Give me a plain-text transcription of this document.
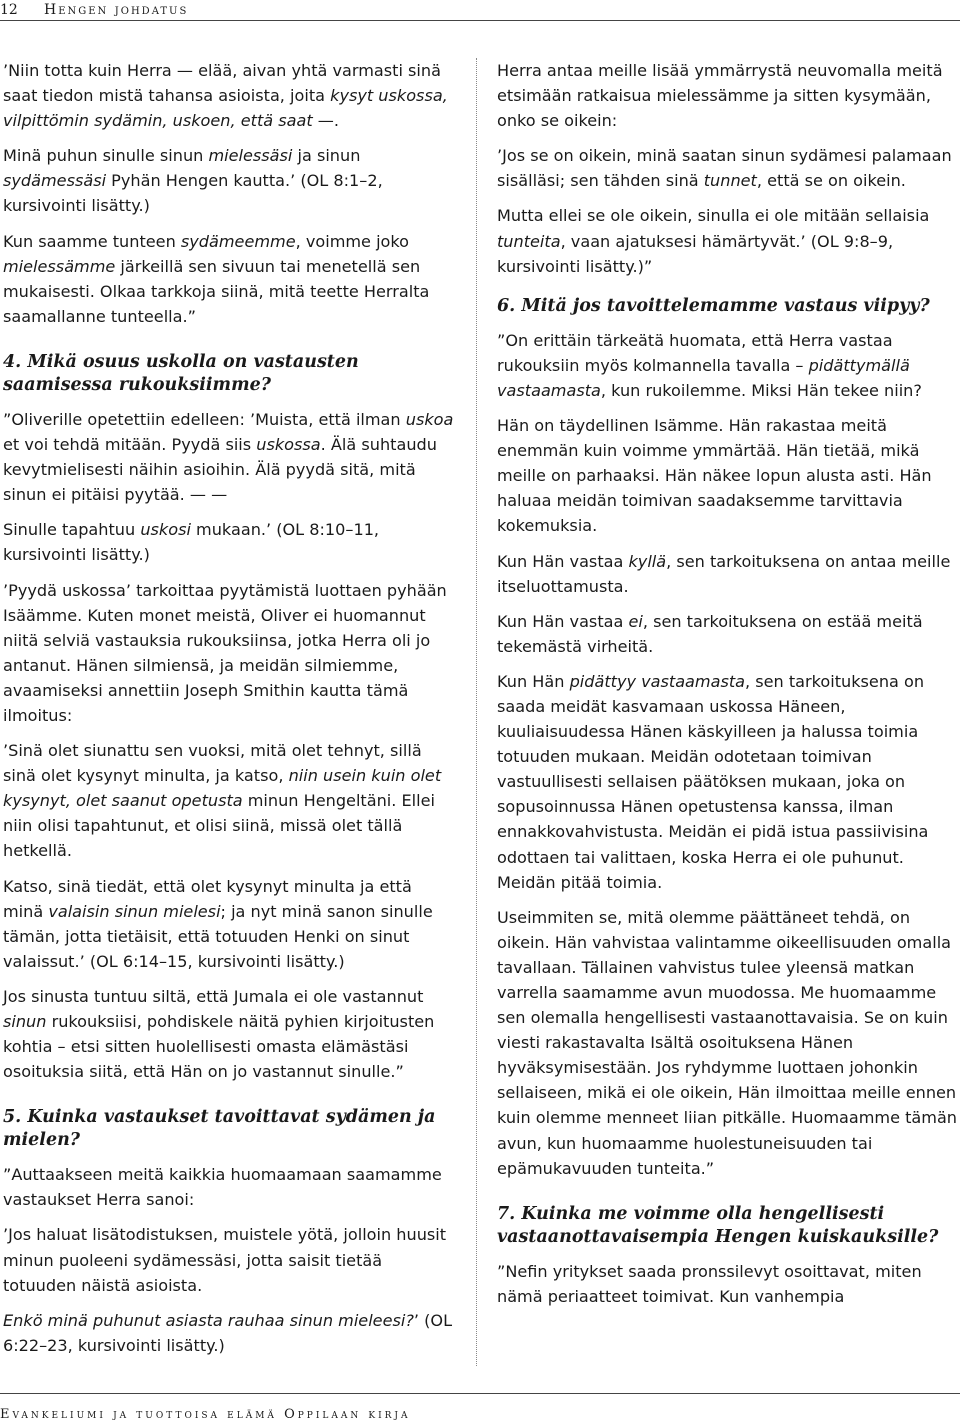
12 Hengen johdatus

’Niin totta kuin Herra — elää, aivan yhtä varmasti sinä saat tiedon mistä tahansa asioista, joita kysyt uskossa, vilpittömin sydämin, uskoen, että saat —.

Minä puhun sinulle sinun mielessäsi ja sinun sydämessäsi Pyhän Hengen kautta.’ (OL 8:1–2, kursivointi lisätty.)

Kun saamme tunteen sydämeemme, voimme joko mielessämme järkeillä sen sivuun tai menetellä sen mukaisesti. Olkaa tarkkoja siinä, mitä teette Herralta saamallanne tunteella.”

4. Mikä osuus uskolla on vastausten saamisessa rukouksiimme?

”Oliverille opetettiin edelleen: ’Muista, että ilman uskoa et voi tehdä mitään. Pyydä siis uskossa. Älä suhtaudu kevytmielisesti näihin asioihin. Älä pyydä sitä, mitä sinun ei pitäisi pyytää. — —

Sinulle tapahtuu uskosi mukaan.’ (OL 8:10–11, kursivointi lisätty.)

’Pyydä uskossa’ tarkoittaa pyytämistä luottaen pyhään Isäämme. Kuten monet meistä, Oliver ei huomannut niitä selviä vastauksia rukouksiinsa, jotka Herra oli jo antanut. Hänen silmiensä, ja meidän silmiemme, avaamiseksi annettiin Joseph Smithin kautta tämä ilmoitus:

’Sinä olet siunattu sen vuoksi, mitä olet tehnyt, sillä sinä olet kysynyt minulta, ja katso, niin usein kuin olet kysynyt, olet saanut opetusta minun Hengeltäni. Ellei niin olisi tapahtunut, et olisi siinä, missä olet tällä hetkellä.

Katso, sinä tiedät, että olet kysynyt minulta ja että minä valaisin sinun mielesi; ja nyt minä sanon sinulle tämän, jotta tietäisit, että totuuden Henki on sinut valaissut.’ (OL 6:14–15, kursivointi lisätty.)

Jos sinusta tuntuu siltä, että Jumala ei ole vastannut sinun rukouksiisi, pohdiskele näitä pyhien kirjoitusten kohtia – etsi sitten huolellisesti omasta elämästäsi osoituksia siitä, että Hän on jo vastannut sinulle.”

5. Kuinka vastaukset tavoittavat sydämen ja mielen?

”Auttaakseen meitä kaikkia huomaamaan saamamme vastaukset Herra sanoi:

’Jos haluat lisätodistuksen, muistele yötä, jolloin huusit minun puoleeni sydämessäsi, jotta saisit tietää totuuden näistä asioista.

Enkö minä puhunut asiasta rauhaa sinun mieleesi?’ (OL 6:22–23, kursivointi lisätty.)

Herra antaa meille lisää ymmärrystä neuvomalla meitä etsimään ratkaisua mielessämme ja sitten kysymään, onko se oikein:

’Jos se on oikein, minä saatan sinun sydämesi palamaan sisälläsi; sen tähden sinä tunnet, että se on oikein.

Mutta ellei se ole oikein, sinulla ei ole mitään sellaisia tunteita, vaan ajatuksesi hämärtyvät.’ (OL 9:8–9, kursivointi lisätty.)”

6. Mitä jos tavoittelemamme vastaus viipyy?

”On erittäin tärkeätä huomata, että Herra vastaa rukouksiin myös kolmannella tavalla – pidättymällä vastaamasta, kun rukoilemme. Miksi Hän tekee niin?

Hän on täydellinen Isämme. Hän rakastaa meitä enemmän kuin voimme ymmärtää. Hän tietää, mikä meille on parhaaksi. Hän näkee lopun alusta asti. Hän haluaa meidän toimivan saadaksemme tarvittavia kokemuksia.

Kun Hän vastaa kyllä, sen tarkoituksena on antaa meille itseluottamusta.

Kun Hän vastaa ei, sen tarkoituksena on estää meitä tekemästä virheitä.

Kun Hän pidättyy vastaamasta, sen tarkoituksena on saada meidät kasvamaan uskossa Häneen, kuuliaisuudessa Hänen käskyilleen ja halussa toimia totuuden mukaan. Meidän odotetaan toimivan vastuullisesti sellaisen päätöksen mukaan, joka on sopusoinnussa Hänen opetustensa kanssa, ilman ennakkovahvistusta. Meidän ei pidä istua passiivisina odottaen tai valittaen, koska Herra ei ole puhunut. Meidän pitää toimia.

Useimmiten se, mitä olemme päättäneet tehdä, on oikein. Hän vahvistaa valintamme oikeellisuuden omalla tavallaan. Tällainen vahvistus tulee yleensä matkan varrella saamamme avun muodossa. Me huomaamme sen olemalla hengellisesti vastaanottavaisia. Se on kuin viesti rakastavalta Isältä osoituksena Hänen hyväksymisestään. Jos ryhdymme luottaen johonkin sellaiseen, mikä ei ole oikein, Hän ilmoittaa meille ennen kuin olemme menneet liian pitkälle. Huomaamme tämän avun, kun huomaamme huolestuneisuuden tai epämukavuuden tunteita.”

7. Kuinka me voimme olla hengellisesti vastaanottavaisempia Hengen kuiskauksille?

”Nefin yritykset saada pronssilevyt osoittavat, miten nämä periaatteet toimivat. Kun vanhempia

Evankeliumi ja tuottoisa elämä Oppilaan kirja
